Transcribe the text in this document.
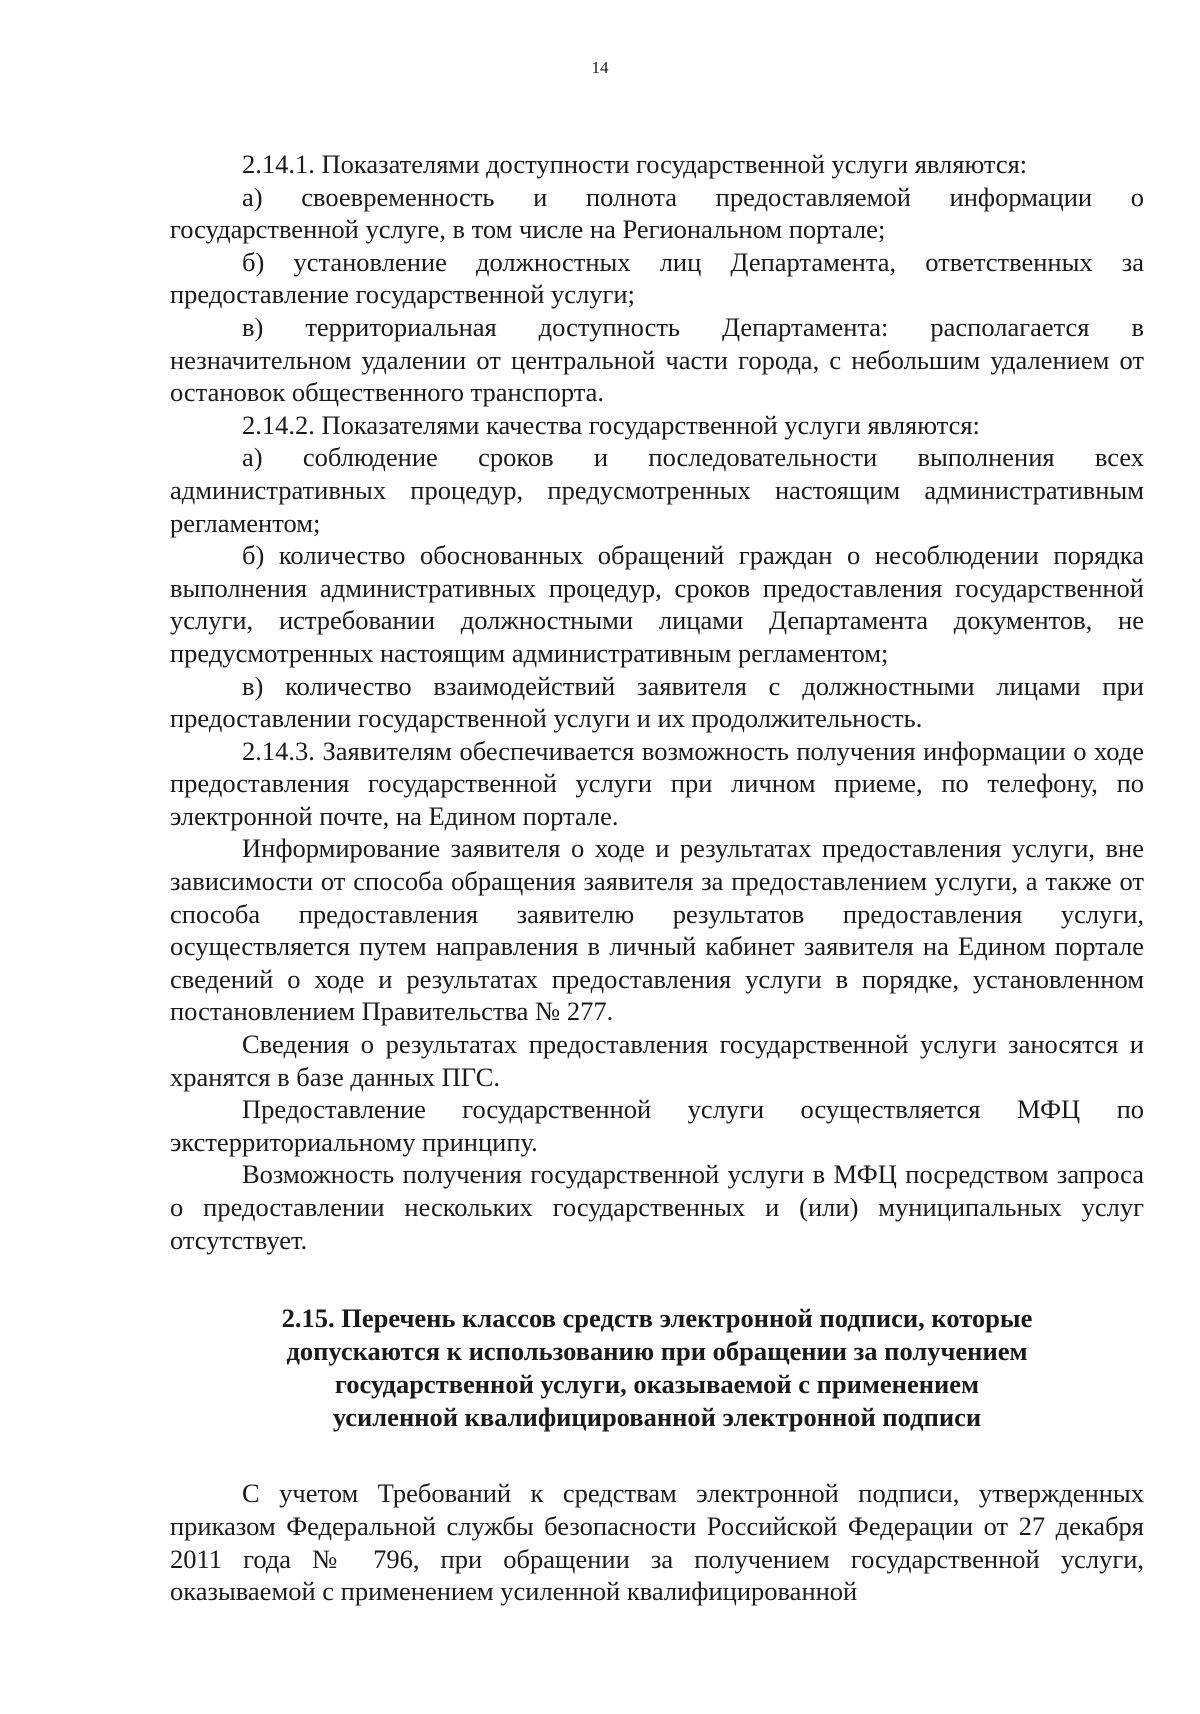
14

2.14.1. Показателями доступности государственной услуги являются:

а) своевременность и полнота предоставляемой информации о государственной услуге, в том числе на Региональном портале;

б) установление должностных лиц Департамента, ответственных за предоставление государственной услуги;

в) территориальная доступность Департамента: располагается в незначительном удалении от центральной части города, с небольшим удалением от остановок общественного транспорта.

2.14.2. Показателями качества государственной услуги являются:

а) соблюдение сроков и последовательности выполнения всех административных процедур, предусмотренных настоящим административным регламентом;

б) количество обоснованных обращений граждан о несоблюдении порядка выполнения административных процедур, сроков предоставления государственной услуги, истребовании должностными лицами Департамента документов, не предусмотренных настоящим административным регламентом;

в) количество взаимодействий заявителя с должностными лицами при предоставлении государственной услуги и их продолжительность.

2.14.3. Заявителям обеспечивается возможность получения информации о ходе предоставления государственной услуги при личном приеме, по телефону, по электронной почте, на Едином портале.

Информирование заявителя о ходе и результатах предоставления услуги, вне зависимости от способа обращения заявителя за предоставлением услуги, а также от способа предоставления заявителю результатов предоставления услуги, осуществляется путем направления в личный кабинет заявителя на Едином портале сведений о ходе и результатах предоставления услуги в порядке, установленном постановлением Правительства № 277.

Сведения о результатах предоставления государственной услуги заносятся и хранятся в базе данных ПГС.

Предоставление государственной услуги осуществляется МФЦ по экстерриториальному принципу.

Возможность получения государственной услуги в МФЦ посредством запроса о предоставлении нескольких государственных и (или) муниципальных услуг отсутствует.

2.15. Перечень классов средств электронной подписи, которые
допускаются к использованию при обращении за получением
государственной услуги, оказываемой с применением
усиленной квалифицированной электронной подписи

С учетом Требований к средствам электронной подписи, утвержденных приказом Федеральной службы безопасности Российской Федерации от 27 декабря 2011 года № 796, при обращении за получением государственной услуги, оказываемой с применением усиленной квалифицированной
